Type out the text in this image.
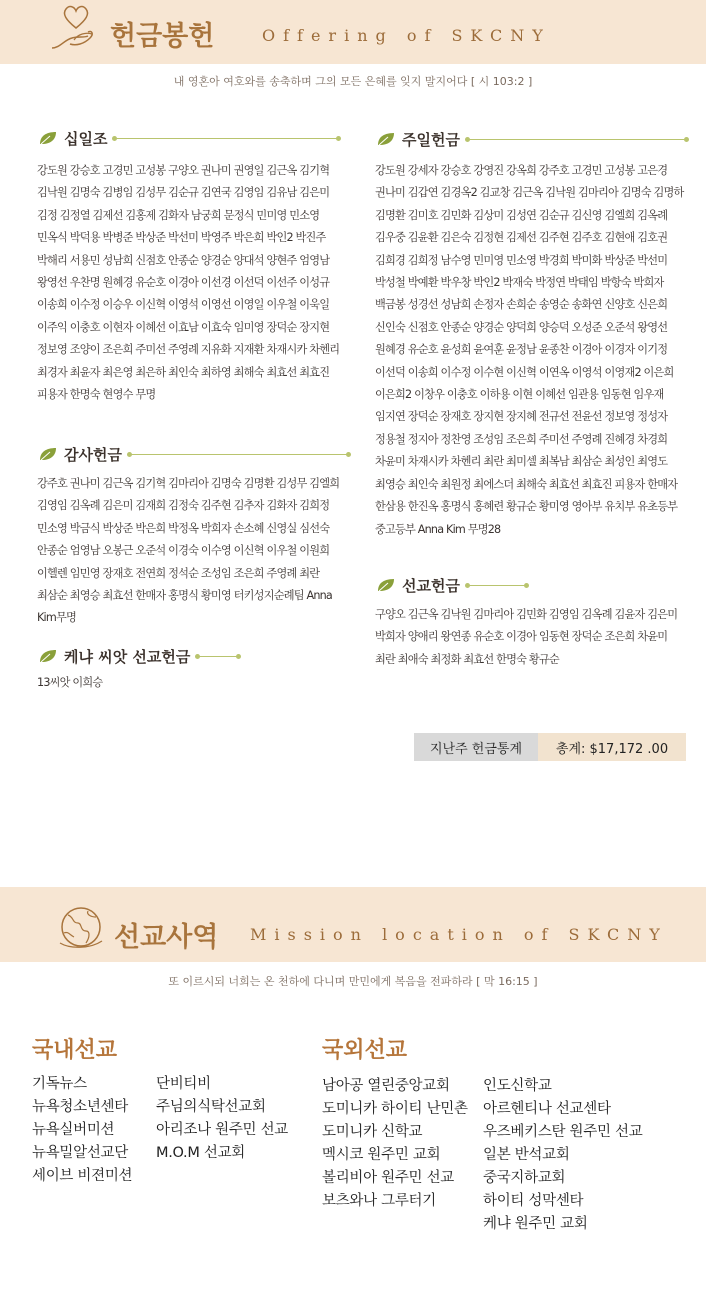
헌금봉헌	Offering of SKCNY
내 영혼아 여호와를 송축하며 그의 모든 은혜를 잊지 말지어다 [ 시 103:2 ]
십일조
강도원 강승호 고경민 고성봉 구양오 권나미 권영일 김근옥 김기혁 김낙원 김명숙 김병임 김성무 김순규 김연국 김영임 김유남 김은미 김정 김정열 김제선 김홍제 김화자 남궁희 문정식 민미영 민소영 민옥식 박덕용 박병준 박상준 박선미 박영주 박은희 박인2 박진주 박해리 서용민 성남희 신점호 안종순 양경순 양대석 양현주 엄영남 왕영선 우찬명 원혜경 유순호 이경아 이선경 이선덕 이선주 이성규 이송희 이수정 이승우 이신혁 이영석 이영선 이영일 이우철 이욱일 이주익 이충호 이현자 이혜선 이효남 이효숙 임미영 장덕순 장지현 정보영 조양이 조은희 주미선 주영례 지유화 지재환 차재시카 차헨리 최경자 최윤자 최은영 최은하 최인숙 최하영 최해숙 최효선 최효진 피용자 한명숙 현영수 무명
감사헌금
강주호 권나미 김근옥 김기혁 김마리아 김명숙 김명환 김성무 김엘희 김영임 김옥례 김은미 김재희 김정숙 김주현 김추자 김화자 김희정 민소영 박금식 박상준 박은희 박정옥 박희자 손소혜 신영실 심선숙 안종순 엄영남 오봉근 오준석 이경숙 이수영 이신혁 이우철 이원희 이헬렌 임민영 장재호 전연희 정석순 조성임 조은희 주영례 최란 최삼순 최영승 최효선 한매자 홍명식 황미영 터키성지순례팀 Anna Kim무명
케냐 씨앗 선교헌금
13씨앗 이희승
주일헌금
강도원 강세자 강승호 강영진 강옥희 강주호 고경민 고성봉 고은경 권나미 김갑연 김경옥2 김교창 김근옥 김낙원 김마리아 김명숙 김명하 김명환 김미호 김민화 김상미 김성연 김순규 김신영 김엘희 김옥례 김우중 김윤환 김은숙 김정현 김제선 김주현 김주호 김현애 김호권 김희경 김희정 남수영 민미영 민소영 박경희 박미화 박상준 박선미 박성철 박예환 박우창 박인2 박재숙 박정연 박태임 박항숙 박희자 백금봉 성경선 성남희 손정자 손희순 송영순 송화연 신양호 신은희 신인숙 신점호 안종순 양경순 양덕희 양승덕 오성준 오준석 왕영선 원혜경 유순호 윤성희 윤여훈 윤정남 윤종찬 이경아 이경자 이기정 이선덕 이송희 이수정 이수현 이신혁 이연옥 이영석 이영재2 이은희 이은희2 이창우 이충호 이하용 이현 이혜선 임관용 임동현 임우재 임지연 장덕순 장재호 장지현 장지혜 전규선 전윤선 정보영 정성자 정용철 정지아 정찬영 조성임 조은희 주미선 주영례 진혜경 차경희 차윤미 차재시카 차헨리 최란 최미셀 최복남 최삼순 최성인 최영도 최영승 최인숙 최원정 최에스더 최해숙 최효선 최효진 피용자 한매자 한삼용 한진옥 홍명식 홍혜련 황규순 황미영 영아부 유치부 유초등부 중고등부 Anna Kim 무명28
선교헌금
구양오 김근옥 김낙원 김마리아 김민화 김영임 김옥례 김윤자 김은미 박희자 양애리 왕연종 유순호 이경아 임동현 장덕순 조은희 차윤미 최란 최애숙 최정화 최효선 한명숙 황규순
지난주 헌금통계	총계: $17,172 .00
선교사역 Mission location of SKCNY
또 이르시되 너희는 온 천하에 다니며 만민에게 복음을 전파하라 [ 막 16:15 ]
국내선교
기독뉴스
뉴욕청소년센타
뉴욕실버미션
뉴욕밀알선교단
세이브 비젼미션
단비티비
주님의식탁선교회
아리조나 원주민 선교
M.O.M 선교회
국외선교
남아공 열린중앙교회
도미니카 하이티 난민촌
도미니카 신학교
멕시코 원주민 교회
볼리비아 원주민 선교
보츠와나 그루터기
인도신학교
아르헨티나 선교센타
우즈베키스탄 원주민 선교
일본 반석교회
중국지하교회
하이티 성막센타
케냐 원주민 교회
